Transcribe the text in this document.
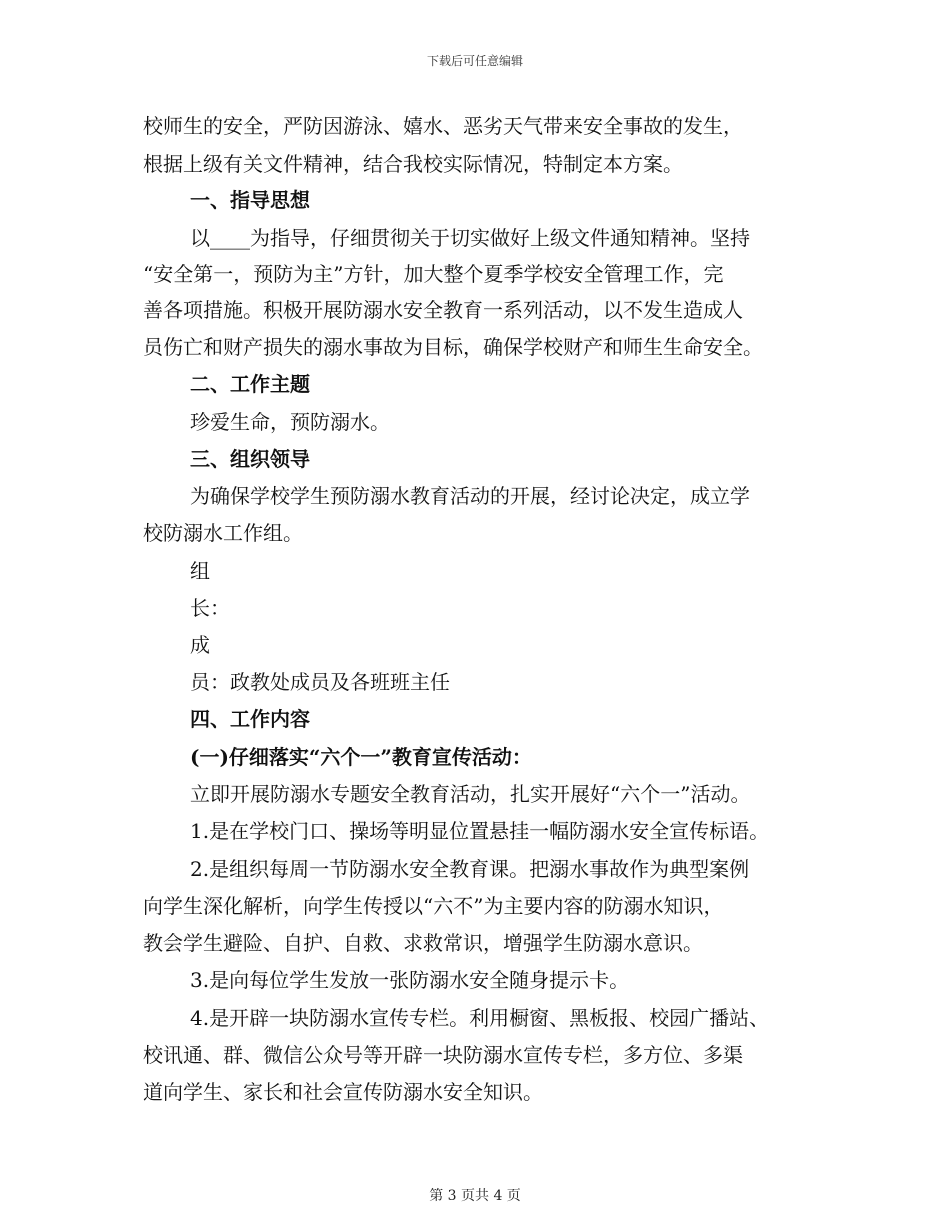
下载后可任意编辑
校师生的安全，严防因游泳、嬉水、恶劣天气带来安全事故的发生，
根据上级有关文件精神，结合我校实际情况，特制定本方案。
一、指导思想
以____为指导，仔细贯彻关于切实做好上级文件通知精神。坚持
“安全第一，预防为主”方针，加大整个夏季学校安全管理工作，完
善各项措施。积极开展防溺水安全教育一系列活动，以不发生造成人
员伤亡和财产损失的溺水事故为目标，确保学校财产和师生生命安全。
二、工作主题
珍爱生命，预防溺水。
三、组织领导
为确保学校学生预防溺水教育活动的开展，经讨论决定，成立学
校防溺水工作组。
组
长：
成
员：政教处成员及各班班主任
四、工作内容
(一)仔细落实“六个一”教育宣传活动：
立即开展防溺水专题安全教育活动，扎实开展好“六个一”活动。
1.是在学校门口、操场等明显位置悬挂一幅防溺水安全宣传标语。
2.是组织每周一节防溺水安全教育课。把溺水事故作为典型案例
向学生深化解析，向学生传授以“六不”为主要内容的防溺水知识，
教会学生避险、自护、自救、求救常识，增强学生防溺水意识。
3.是向每位学生发放一张防溺水安全随身提示卡。
4.是开辟一块防溺水宣传专栏。利用橱窗、黑板报、校园广播站、
校讯通、群、微信公众号等开辟一块防溺水宣传专栏，多方位、多渠
道向学生、家长和社会宣传防溺水安全知识。
第 3 页共 4 页
